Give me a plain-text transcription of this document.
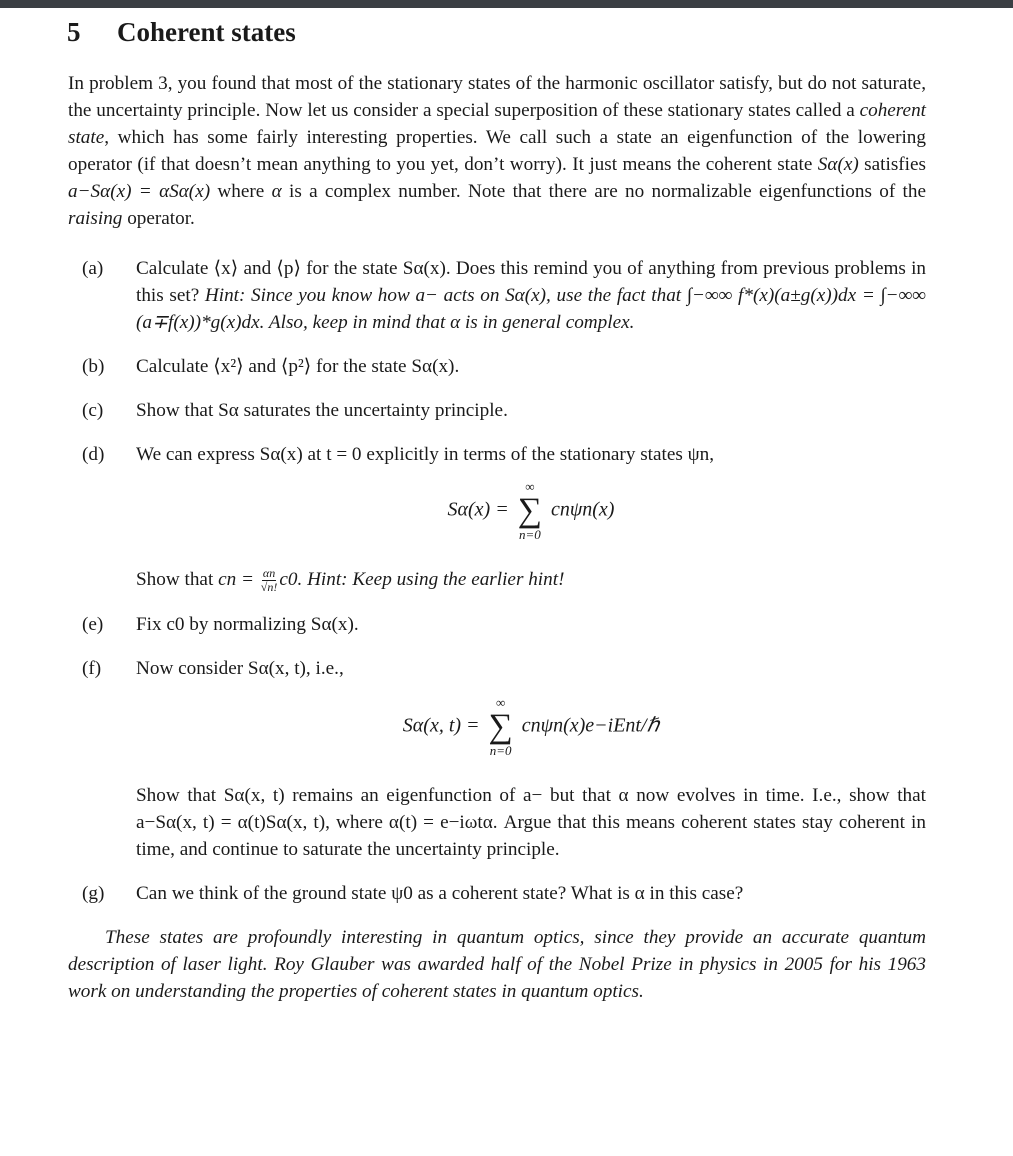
5 Coherent states

In problem 3, you found that most of the stationary states of the harmonic oscillator satisfy, but do not saturate, the uncertainty principle. Now let us consider a special superposition of these stationary states called a coherent state, which has some fairly interesting properties. We call such a state an eigenfunction of the lowering operator (if that doesn’t mean anything to you yet, don’t worry). It just means the coherent state Sα(x) satisfies a−Sα(x) = αSα(x) where α is a complex number. Note that there are no normalizable eigenfunctions of the raising operator.

(a)	Calculate ⟨x⟩ and ⟨p⟩ for the state Sα(x). Does this remind you of anything from previous problems in this set? Hint: Since you know how a− acts on Sα(x), use the fact that ∫−∞∞ f*(x)(a±g(x))dx = ∫−∞∞ (a∓f(x))*g(x)dx. Also, keep in mind that α is in general complex.
(b)	Calculate ⟨x²⟩ and ⟨p²⟩ for the state Sα(x).
(c)	Show that Sα saturates the uncertainty principle.
(d)	We can express Sα(x) at t = 0 explicitly in terms of the stationary states ψn,
Sα(x) =
∞
∑
n=0
cnψn(x)
Show that cn = $\frac{\alpha n}{√n!} c0$. Hint: Keep using the earlier hint!
(e)	Fix c0 by normalizing Sα(x).
(f)	Now consider Sα(x, t), i.e.,
Sα(x, t) =
∞
∑
n=0
cnψn(x)e−iEnt/ℏ
Show that Sα(x, t) remains an eigenfunction of a− but that α now evolves in time. I.e., show that a−Sα(x, t) = α(t)Sα(x, t), where α(t) = e−iωtα. Argue that this means coherent states stay coherent in time, and continue to saturate the uncertainty principle.
(g)	Can we think of the ground state ψ0 as a coherent state? What is α in this case?

These states are profoundly interesting in quantum optics, since they provide an accurate quantum description of laser light. Roy Glauber was awarded half of the Nobel Prize in physics in 2005 for his 1963 work on understanding the properties of coherent states in quantum optics.
